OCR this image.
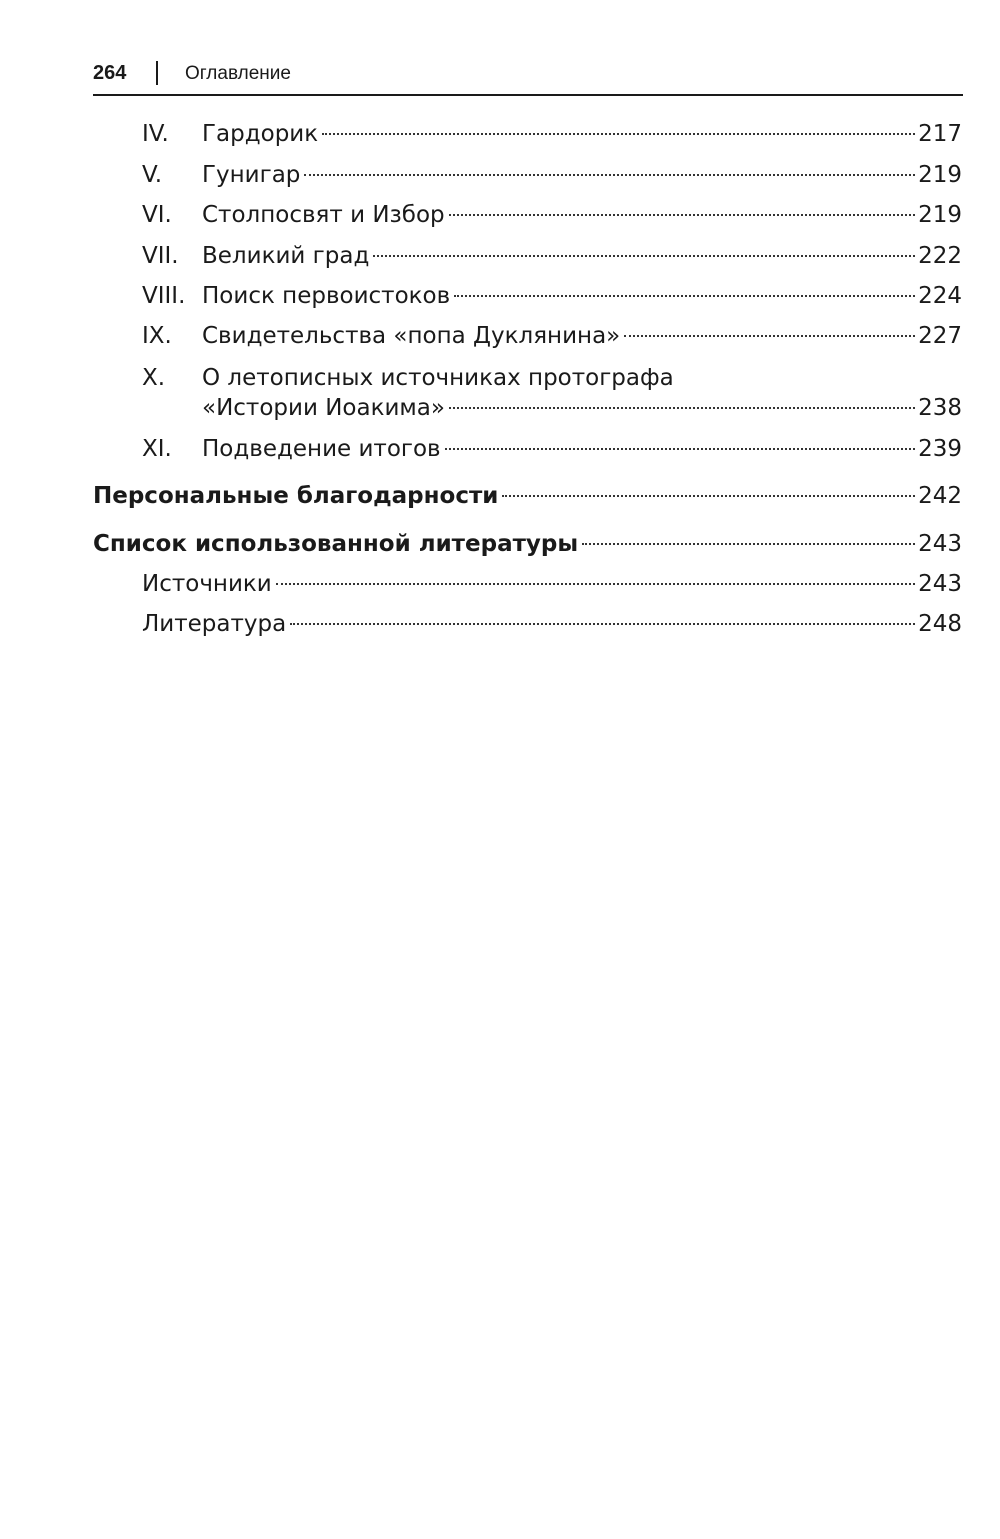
264	Оглавление
IV. Гардорик	217
V. Гунигар	219
VI. Столпосвят и Избор	219
VII. Великий град	222
VIII. Поиск первоистоков	224
IX. Свидетельства «попа Дуклянина»	227
X. О летописных источниках протографа
«Истории Иоакима»	238
XI. Подведение итогов	239
Персональные благодарности	242
Список использованной литературы	243
Источники	243
Литература	248
